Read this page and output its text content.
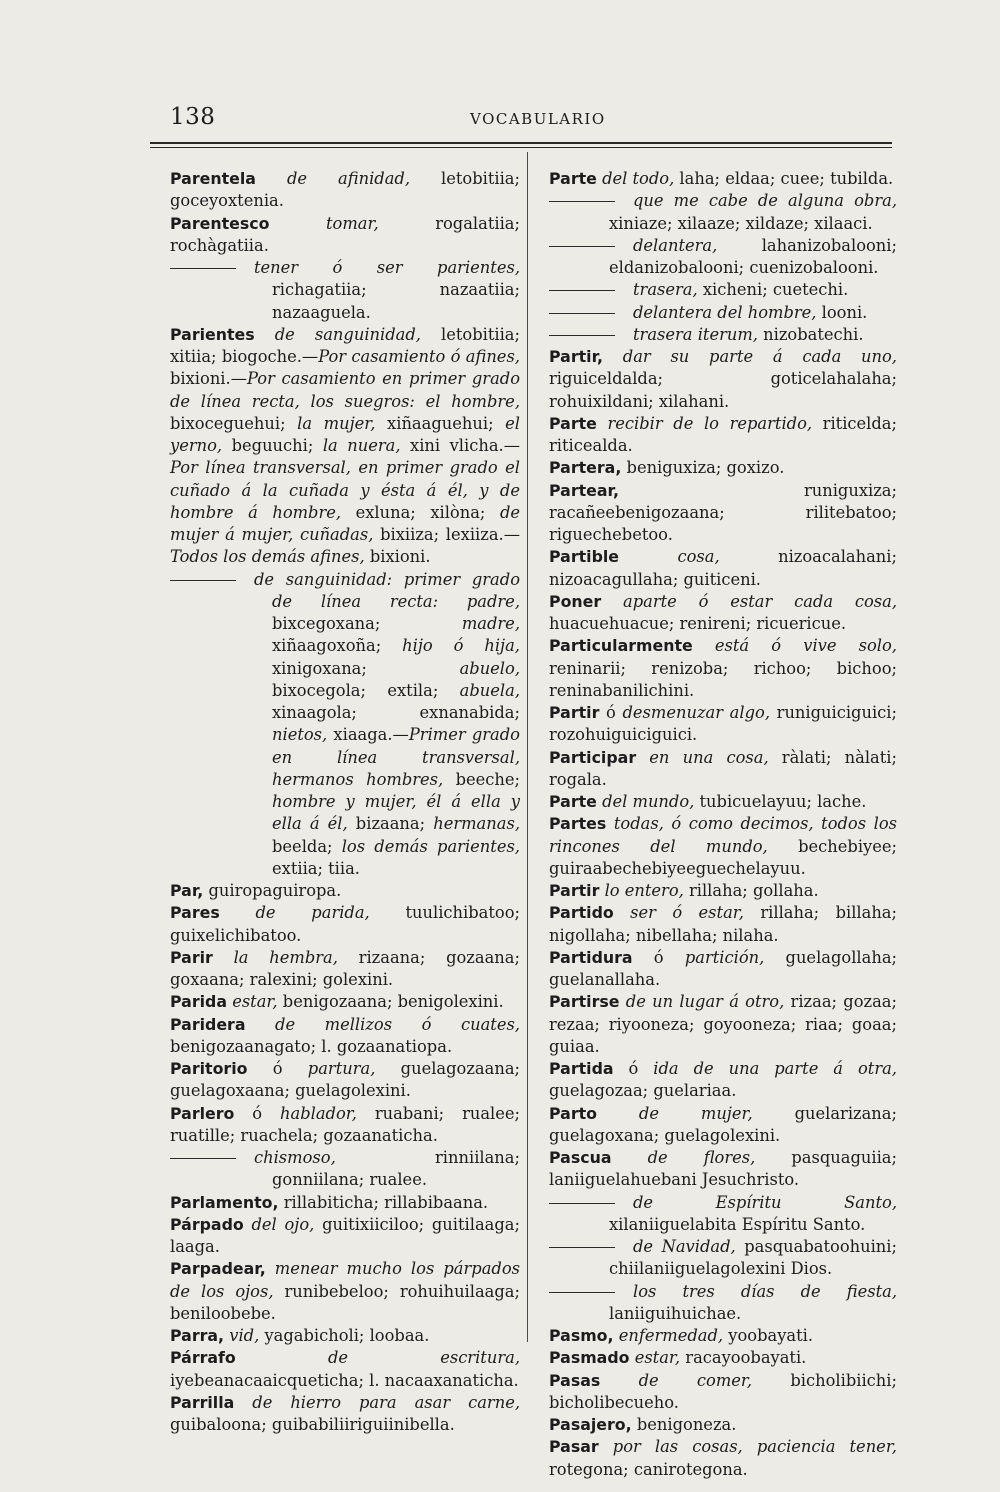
138	VOCABULARIO
Parentela de afinidad, letobitiia; goceyoxtenia.
Parentesco	tomar, rogalatiia; rochàgatiia.
tener ó ser parientes, richagatiia; nazaatiia; nazaaguela.
Parientes de sanguinidad, letobitiia; xitiia; biogoche.—Por casamiento ó afines, bixioni.—Por casamiento en primer grado de línea recta, los suegros: el hombre, bixoceguehui; la mujer, xiñaaguehui; el yerno, beguuchi; la nuera, xini vlicha.—Por línea transversal, en primer grado el cuñado á la cuñada y ésta á él, y de hombre á hombre, exluna; xilòna; de mujer á mujer, cuñadas, bixiiza; lexiiza.—Todos los demás afines, bixioni.
de sanguinidad: primer grado de línea recta: padre, bixcegoxana; madre, xiñaagoxoña; hijo ó hija, xinigoxana; abuelo, bixocegola; extila; abuela, xinaagola; exnanabida; nietos, xiaaga.—Primer grado en línea transversal, hermanos hombres, beeche; hombre y mujer, él á ella y ella á él, bizaana; hermanas, beelda; los demás parientes, extiia; tiia.
Par, guiropaguiropa.
Pares de parida, tuulichibatoo; guixelichibatoo.
Parir la hembra, rizaana; gozaana; goxaana; ralexini; golexini.
Parida estar, benigozaana; benigolexini.
Paridera de mellizos ó cuates, benigozaanagato; l. gozaanatiopa.
Paritorio ó partura, guelagozaana; guelagoxaana; guelagolexini.
Parlero ó hablador, ruabani; rualee; ruatille; ruachela; gozaanaticha.
chismoso, rinniilana; gonniilana; rualee.
Parlamento, rillabiticha; rillabibaana.
Párpado del ojo, guitixiiciloo; guitilaaga; laaga.
Parpadear, menear mucho los párpados de los ojos, runibebeloo; rohuihuilaaga; beniloobebe.
Parra, vid, yagabicholi; loobaa.
Párrafo	de escritura, iyebeanacaaicqueticha; l. nacaaxanaticha.
Parrilla de hierro para asar carne, guibaloona; guibabiliiriguiinibella.
Parte del todo, laha; eldaa; cuee; tubilda.
que me cabe de alguna obra, xiniaze; xilaaze; xildaze; xilaaci.
delantera, lahanizobalooni; eldanizobalooni; cuenizobalooni.
trasera, xicheni; cuetechi.
delantera del hombre, looni.
trasera iterum, nizobatechi.
Partir, dar su parte á cada uno, riguiceldalda; goticelahalaha; rohuixildani; xilahani.
Parte recibir de lo repartido, riticelda; riticealda.
Partera, beniguxiza; goxizo.
Partear,	runiguxiza; racañeebenigozaana; rilitebatoo; riguechebetoo.
Partible	cosa, nizoacalahani; nizoacagullaha; guiticeni.
Poner aparte ó estar cada cosa, huacuehuacue; renireni; ricuericue.
Particularmente está ó vive solo, reninarii; renizoba; richoo; bichoo; reninabanilichini.
Partir ó desmenuzar algo, runiguiciguici; rozohuiguiciguici.
Participar en una cosa, ràlati; nàlati; rogala.
Parte del mundo, tubicuelayuu; lache.
Partes todas, ó como decimos, todos los rincones del mundo, bechebiyee; guiraabechebiyeeguechelayuu.
Partir lo entero, rillaha; gollaha.
Partido ser ó estar, rillaha; billaha; nigollaha; nibellaha; nilaha.
Partidura ó partición, guelagollaha; guelanallaha.
Partirse de un lugar á otro, rizaa; gozaa; rezaa; riyooneza; goyooneza; riaa; goaa; guiaa.
Partida ó ida de una parte á otra, guelagozaa; guelariaa.
Parto	de mujer, guelarizana; guelagoxana; guelagolexini.
Pascua de flores, pasquaguiia; laniiguelahuebani Jesuchristo.
de Espíritu Santo, xilaniiguelabita Espíritu Santo.
de Navidad, pasquabatoohuini; chiilaniiguelagolexini Dios.
los tres días de fiesta, laniiguihuichae.
Pasmo, enfermedad, yoobayati.
Pasmado estar, racayoobayati.
Pasas de comer, bicholibiichi; bicholibecueho.
Pasajero, benigoneza.
Pasar por las cosas, paciencia tener, rotegona; canirotegona.
